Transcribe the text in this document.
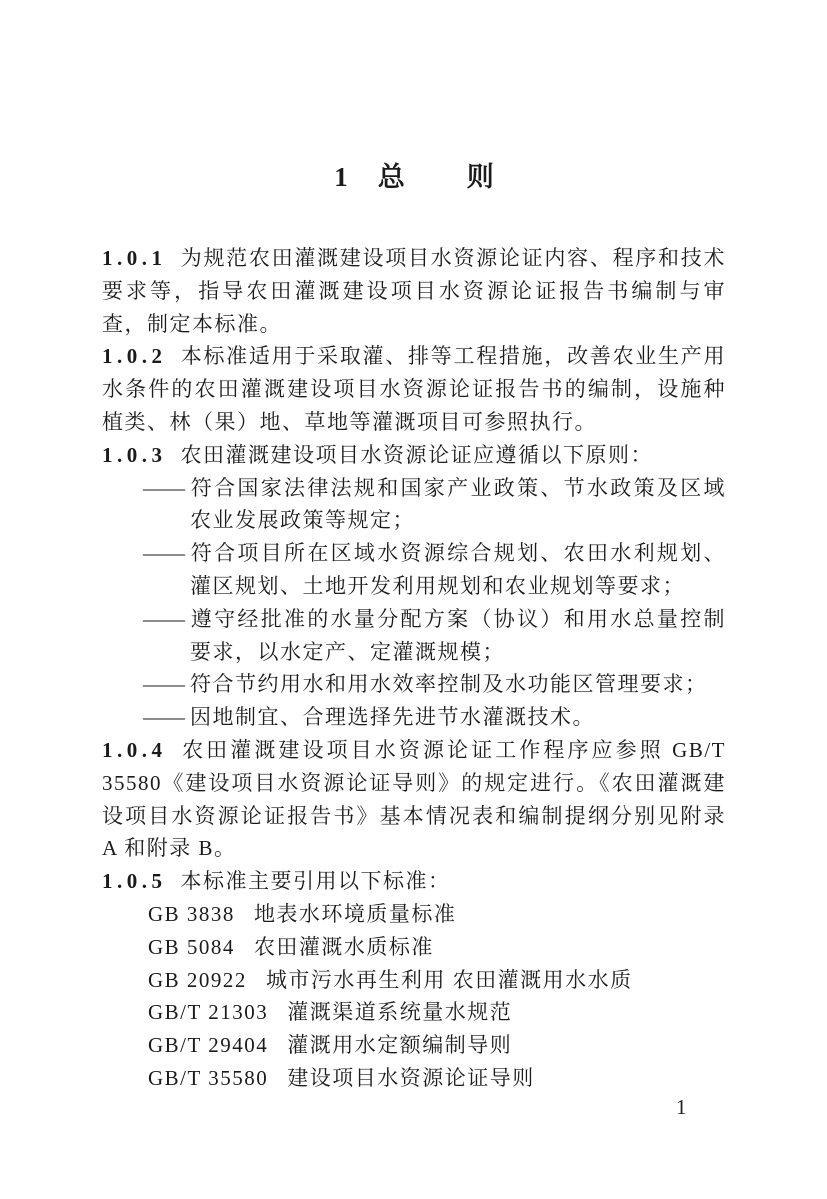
1 总 则

1.0.1 为规范农田灌溉建设项目水资源论证内容、程序和技术要求等，指导农田灌溉建设项目水资源论证报告书编制与审查，制定本标准。

1.0.2 本标准适用于采取灌、排等工程措施，改善农业生产用水条件的农田灌溉建设项目水资源论证报告书的编制，设施种植类、林（果）地、草地等灌溉项目可参照执行。

1.0.3 农田灌溉建设项目水资源论证应遵循以下原则：

—— 符合国家法律法规和国家产业政策、节水政策及区域农业发展政策等规定；
—— 符合项目所在区域水资源综合规划、农田水利规划、灌区规划、土地开发利用规划和农业规划等要求；
—— 遵守经批准的水量分配方案（协议）和用水总量控制要求，以水定产、定灌溉规模；
—— 符合节约用水和用水效率控制及水功能区管理要求；
—— 因地制宜、合理选择先进节水灌溉技术。

1.0.4 农田灌溉建设项目水资源论证工作程序应参照 GB/T 35580《建设项目水资源论证导则》的规定进行。《农田灌溉建设项目水资源论证报告书》基本情况表和编制提纲分别见附录 A 和附录 B。

1.0.5 本标准主要引用以下标准：

GB 3838 地表水环境质量标准
GB 5084 农田灌溉水质标准
GB 20922 城市污水再生利用 农田灌溉用水水质
GB/T 21303 灌溉渠道系统量水规范
GB/T 29404 灌溉用水定额编制导则
GB/T 35580 建设项目水资源论证导则
1
